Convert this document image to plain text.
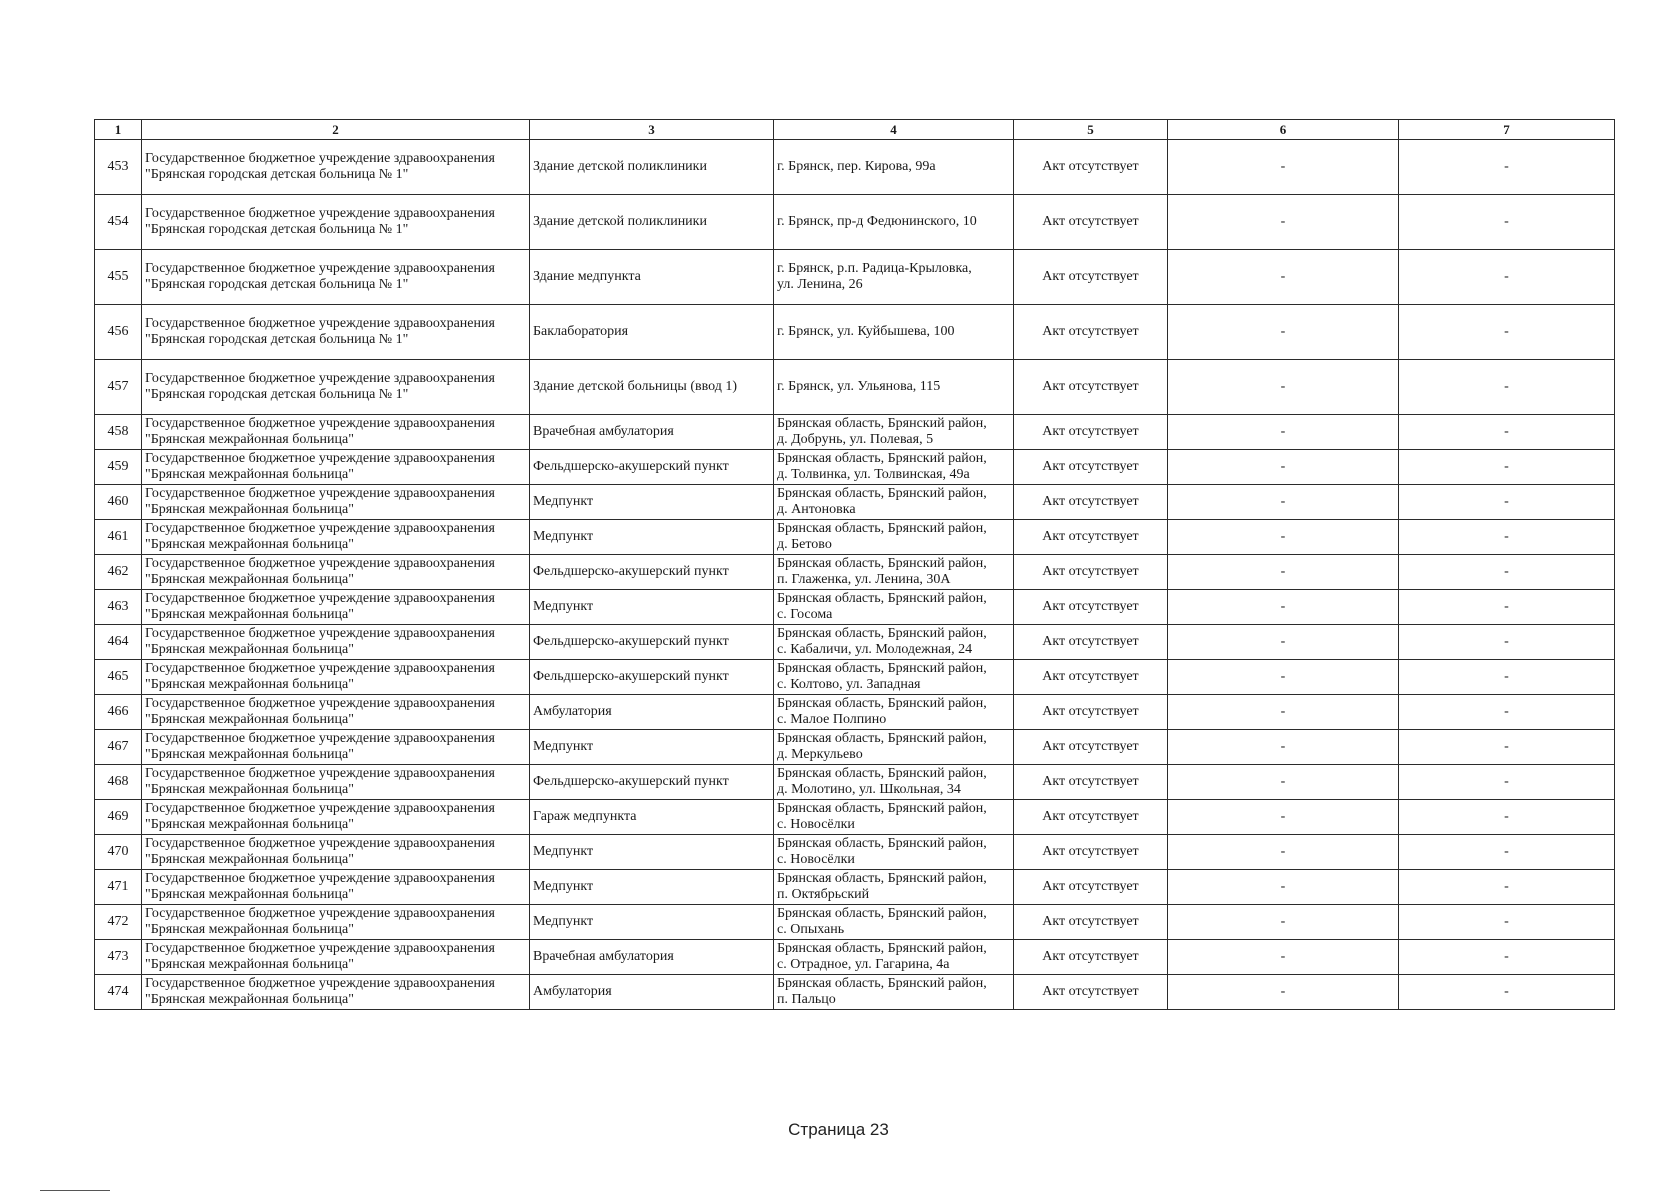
1	2	3	4	5	6	7
453	Государственное бюджетное учреждение здравоохранения
"Брянская городская детская больница № 1"	Здание детской поликлиники	г. Брянск, пер. Кирова, 99а	Акт отсутствует	-	-
454	Государственное бюджетное учреждение здравоохранения
"Брянская городская детская больница № 1"	Здание детской поликлиники	г. Брянск, пр-д Федюнинского, 10	Акт отсутствует	-	-
455	Государственное бюджетное учреждение здравоохранения
"Брянская городская детская больница № 1"	Здание медпункта	г. Брянск, р.п. Радица-Крыловка,
ул. Ленина, 26	Акт отсутствует	-	-
456	Государственное бюджетное учреждение здравоохранения
"Брянская городская детская больница № 1"	Баклаборатория	г. Брянск, ул. Куйбышева, 100	Акт отсутствует	-	-
457	Государственное бюджетное учреждение здравоохранения
"Брянская городская детская больница № 1"	Здание детской больницы (ввод 1)	г. Брянск, ул. Ульянова, 115	Акт отсутствует	-	-
458	Государственное бюджетное учреждение здравоохранения
"Брянская межрайонная больница"	Врачебная амбулатория	Брянская область, Брянский район,
д. Добрунь, ул. Полевая, 5	Акт отсутствует	-	-
459	Государственное бюджетное учреждение здравоохранения
"Брянская межрайонная больница"	Фельдшерско-акушерский пункт	Брянская область, Брянский район,
д. Толвинка, ул. Толвинская, 49а	Акт отсутствует	-	-
460	Государственное бюджетное учреждение здравоохранения
"Брянская межрайонная больница"	Медпункт	Брянская область, Брянский район,
д. Антоновка	Акт отсутствует	-	-
461	Государственное бюджетное учреждение здравоохранения
"Брянская межрайонная больница"	Медпункт	Брянская область, Брянский район,
д. Бетово	Акт отсутствует	-	-
462	Государственное бюджетное учреждение здравоохранения
"Брянская межрайонная больница"	Фельдшерско-акушерский пункт	Брянская область, Брянский район,
п. Глаженка, ул. Ленина, 30А	Акт отсутствует	-	-
463	Государственное бюджетное учреждение здравоохранения
"Брянская межрайонная больница"	Медпункт	Брянская область, Брянский район,
с. Госома	Акт отсутствует	-	-
464	Государственное бюджетное учреждение здравоохранения
"Брянская межрайонная больница"	Фельдшерско-акушерский пункт	Брянская область, Брянский район,
с. Кабаличи, ул. Молодежная, 24	Акт отсутствует	-	-
465	Государственное бюджетное учреждение здравоохранения
"Брянская межрайонная больница"	Фельдшерско-акушерский пункт	Брянская область, Брянский район,
с. Колтово, ул. Западная	Акт отсутствует	-	-
466	Государственное бюджетное учреждение здравоохранения
"Брянская межрайонная больница"	Амбулатория	Брянская область, Брянский район,
с. Малое Полпино	Акт отсутствует	-	-
467	Государственное бюджетное учреждение здравоохранения
"Брянская межрайонная больница"	Медпункт	Брянская область, Брянский район,
д. Меркульево	Акт отсутствует	-	-
468	Государственное бюджетное учреждение здравоохранения
"Брянская межрайонная больница"	Фельдшерско-акушерский пункт	Брянская область, Брянский район,
д. Молотино, ул. Школьная, 34	Акт отсутствует	-	-
469	Государственное бюджетное учреждение здравоохранения
"Брянская межрайонная больница"	Гараж медпункта	Брянская область, Брянский район,
с. Новосёлки	Акт отсутствует	-	-
470	Государственное бюджетное учреждение здравоохранения
"Брянская межрайонная больница"	Медпункт	Брянская область, Брянский район,
с. Новосёлки	Акт отсутствует	-	-
471	Государственное бюджетное учреждение здравоохранения
"Брянская межрайонная больница"	Медпункт	Брянская область, Брянский район,
п. Октябрьский	Акт отсутствует	-	-
472	Государственное бюджетное учреждение здравоохранения
"Брянская межрайонная больница"	Медпункт	Брянская область, Брянский район,
с. Опыхань	Акт отсутствует	-	-
473	Государственное бюджетное учреждение здравоохранения
"Брянская межрайонная больница"	Врачебная амбулатория	Брянская область, Брянский район,
с. Отрадное, ул. Гагарина, 4а	Акт отсутствует	-	-
474	Государственное бюджетное учреждение здравоохранения
"Брянская межрайонная больница"	Амбулатория	Брянская область, Брянский район,
п. Пальцо	Акт отсутствует	-	-
Страница 23
